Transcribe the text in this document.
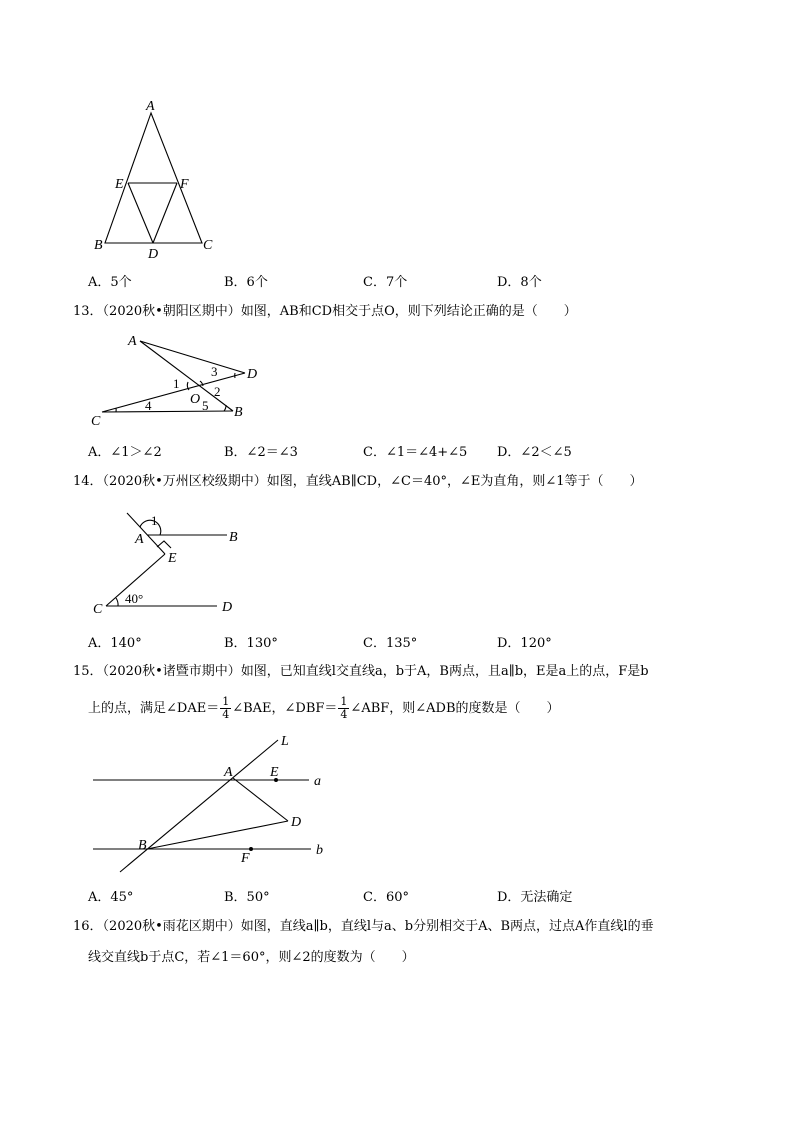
A
E	F
B
D
C
A．5个	B．6个	C．7个	D．8个
13．（2020秋•朝阳区期中）如图，AB和CD相交于点O，则下列结论正确的是（　　）
A
D
C
B
O
1
2
3
4	5
A．∠1＞∠2	B．∠2＝∠3	C．∠1＝∠4+∠5 D．∠2＜∠5
14．（2020秋•万州区校级期中）如图，直线AB∥CD，∠C＝40°，∠E为直角，则∠1等于（　　）
1
A	B
E
C	D
40°
A．140°	B．130°	C．135°	D．120°
15．（2020秋•诸暨市期中）如图，已知直线l交直线a，b于A，B两点，且a∥b，E是a上的点，F是b
上的点，满足∠DAE＝ $\frac{1}{4}$ ∠BAE，∠DBF＝ $\frac{1}{4}$ ∠ABF，则∠ADB的度数是（　　）
L
A	E
a
D
B
F
b
A．45°	B．50°	C．60°	D．无法确定
16．（2020秋•雨花区期中）如图，直线a∥b，直线l与a、b分别相交于A、B两点，过点A作直线l的垂
线交直线b于点C，若∠1＝60°，则∠2的度数为（　　）
